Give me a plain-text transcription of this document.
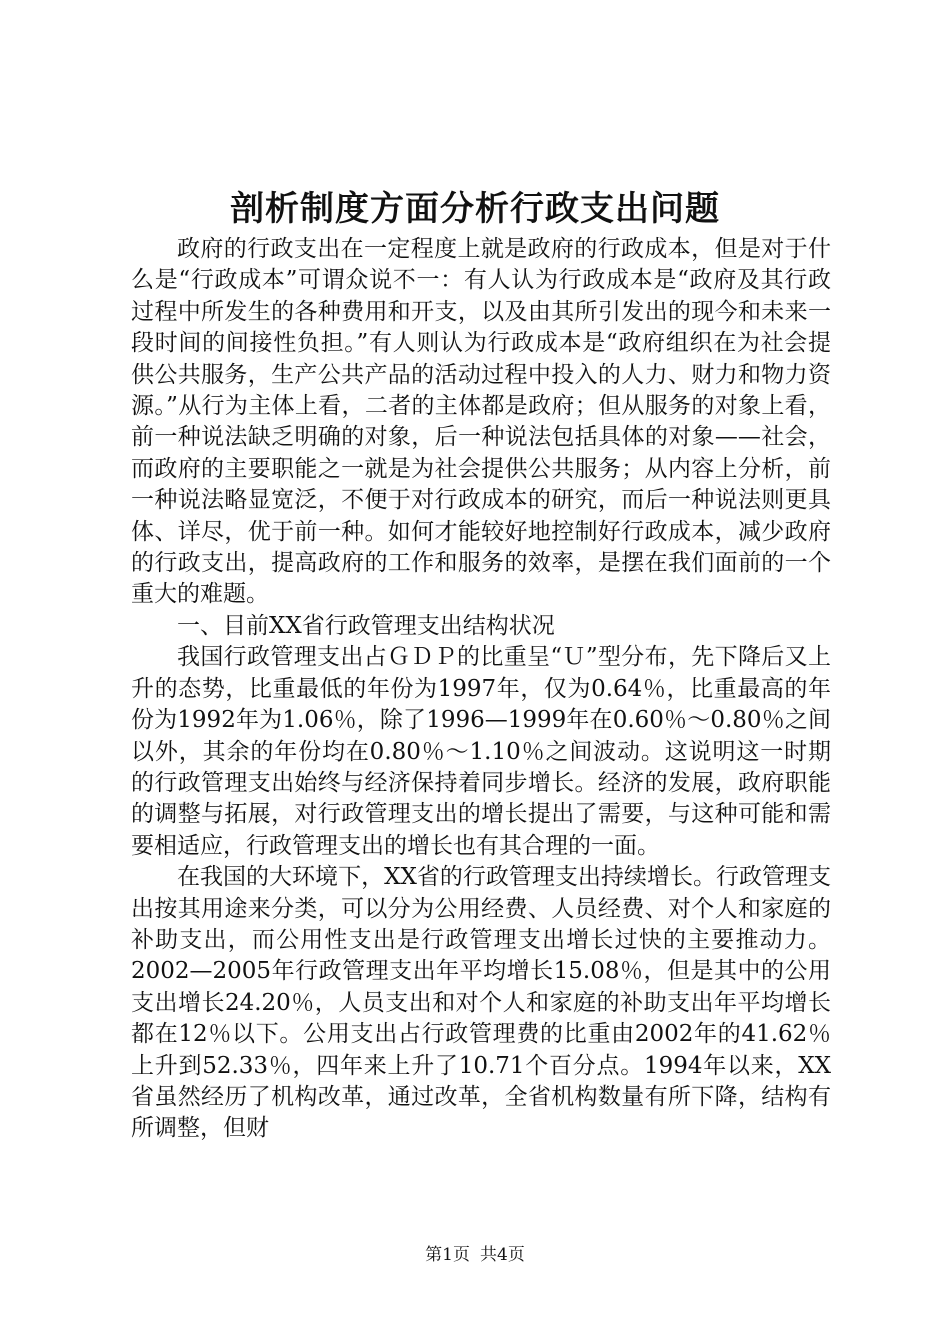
剖析制度方面分析行政支出问题

政府的行政支出在一定程度上就是政府的行政成本，但是对于什么是“行政成本”可谓众说不一：有人认为行政成本是“政府及其行政过程中所发生的各种费用和开支，以及由其所引发出的现今和未来一段时间的间接性负担。”有人则认为行政成本是“政府组织在为社会提供公共服务，生产公共产品的活动过程中投入的人力、财力和物力资源。”从行为主体上看，二者的主体都是政府；但从服务的对象上看，前一种说法缺乏明确的对象，后一种说法包括具体的对象——社会，而政府的主要职能之一就是为社会提供公共服务；从内容上分析，前一种说法略显宽泛，不便于对行政成本的研究，而后一种说法则更具体、详尽，优于前一种。如何才能较好地控制好行政成本，减少政府的行政支出，提高政府的工作和服务的效率，是摆在我们面前的一个重大的难题。

一、目前XX省行政管理支出结构状况

我国行政管理支出占ＧＤＰ的比重呈“Ｕ”型分布，先下降后又上升的态势，比重最低的年份为1997年，仅为0.64％，比重最高的年份为1992年为1.06％，除了1996—1999年在0.60％～0.80％之间以外，其余的年份均在0.80％～1.10％之间波动。这说明这一时期的行政管理支出始终与经济保持着同步增长。经济的发展，政府职能的调整与拓展，对行政管理支出的增长提出了需要，与这种可能和需要相适应，行政管理支出的增长也有其合理的一面。

在我国的大环境下，XX省的行政管理支出持续增长。行政管理支出按其用途来分类，可以分为公用经费、人员经费、对个人和家庭的补助支出，而公用性支出是行政管理支出增长过快的主要推动力。2002—2005年行政管理支出年平均增长15.08％，但是其中的公用支出增长24.20％，人员支出和对个人和家庭的补助支出年平均增长都在12％以下。公用支出占行政管理费的比重由2002年的41.62％上升到52.33％，四年来上升了10.71个百分点。1994年以来，XX省虽然经历了机构改革，通过改革，全省机构数量有所下降，结构有所调整，但财

第1页 共4页
